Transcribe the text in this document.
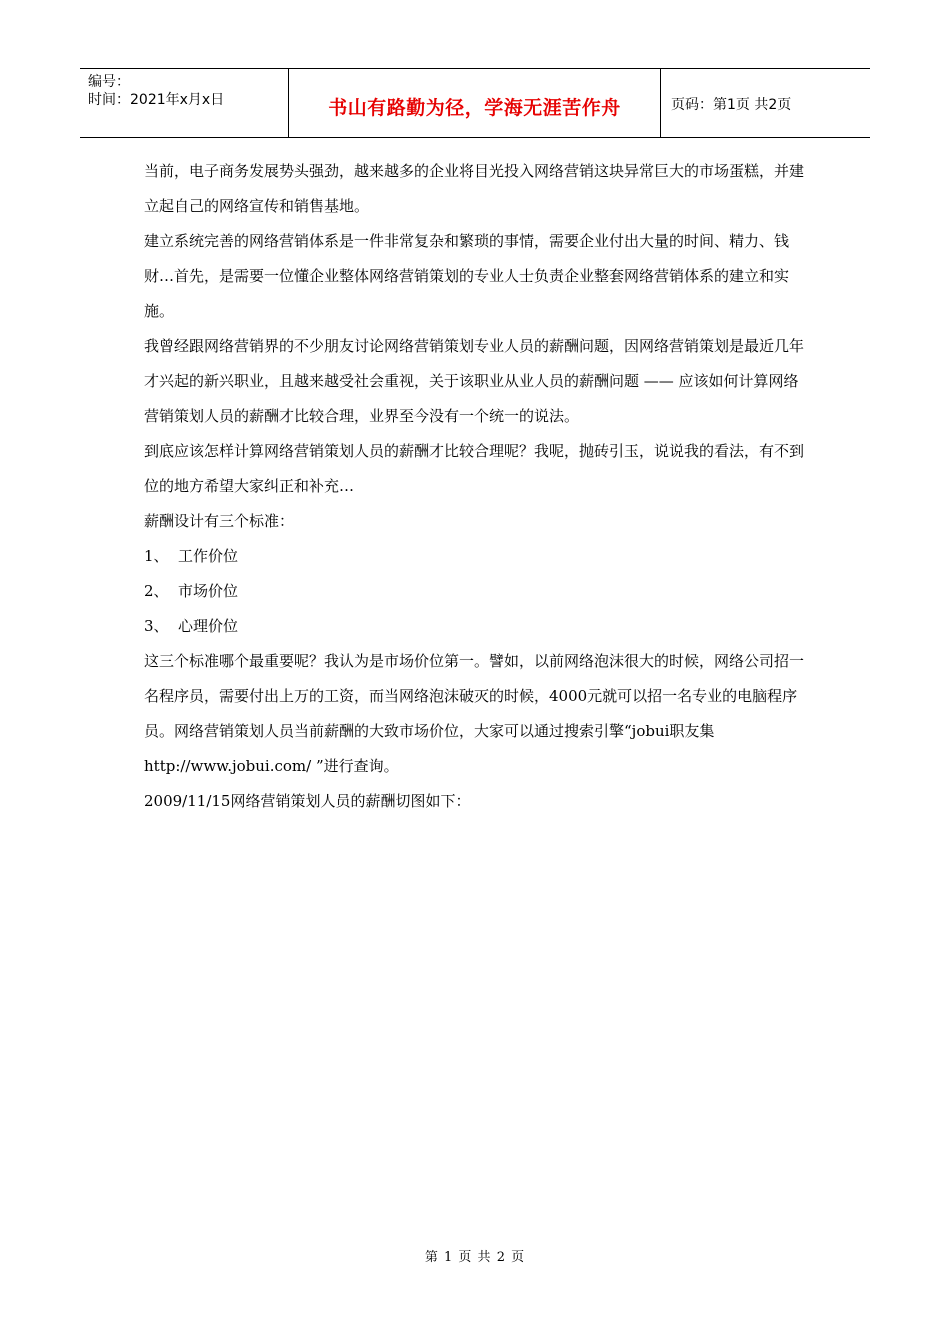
编号：
时间：2021年x月x日	书山有路勤为径，学海无涯苦作舟	页码：第1页 共2页

当前，电子商务发展势头强劲，越来越多的企业将目光投入网络营销这块异常巨大的市场蛋糕，并建立起自己的网络宣传和销售基地。

建立系统完善的网络营销体系是一件非常复杂和繁琐的事情，需要企业付出大量的时间、精力、钱财…首先，是需要一位懂企业整体网络营销策划的专业人士负责企业整套网络营销体系的建立和实施。

我曾经跟网络营销界的不少朋友讨论网络营销策划专业人员的薪酬问题，因网络营销策划是最近几年才兴起的新兴职业，且越来越受社会重视，关于该职业从业人员的薪酬问题 —— 应该如何计算网络营销策划人员的薪酬才比较合理，业界至今没有一个统一的说法。

到底应该怎样计算网络营销策划人员的薪酬才比较合理呢？我呢，抛砖引玉，说说我的看法，有不到位的地方希望大家纠正和补充…

薪酬设计有三个标准：

1、 工作价位

2、 市场价位

3、 心理价位

这三个标准哪个最重要呢？我认为是市场价位第一。譬如，以前网络泡沫很大的时候，网络公司招一名程序员，需要付出上万的工资，而当网络泡沫破灭的时候，4000元就可以招一名专业的电脑程序员。网络营销策划人员当前薪酬的大致市场价位，大家可以通过搜索引擎“jobui职友集 http://www.jobui.com/ ”进行查询。

2009/11/15网络营销策划人员的薪酬切图如下：

第 1 页 共 2 页
